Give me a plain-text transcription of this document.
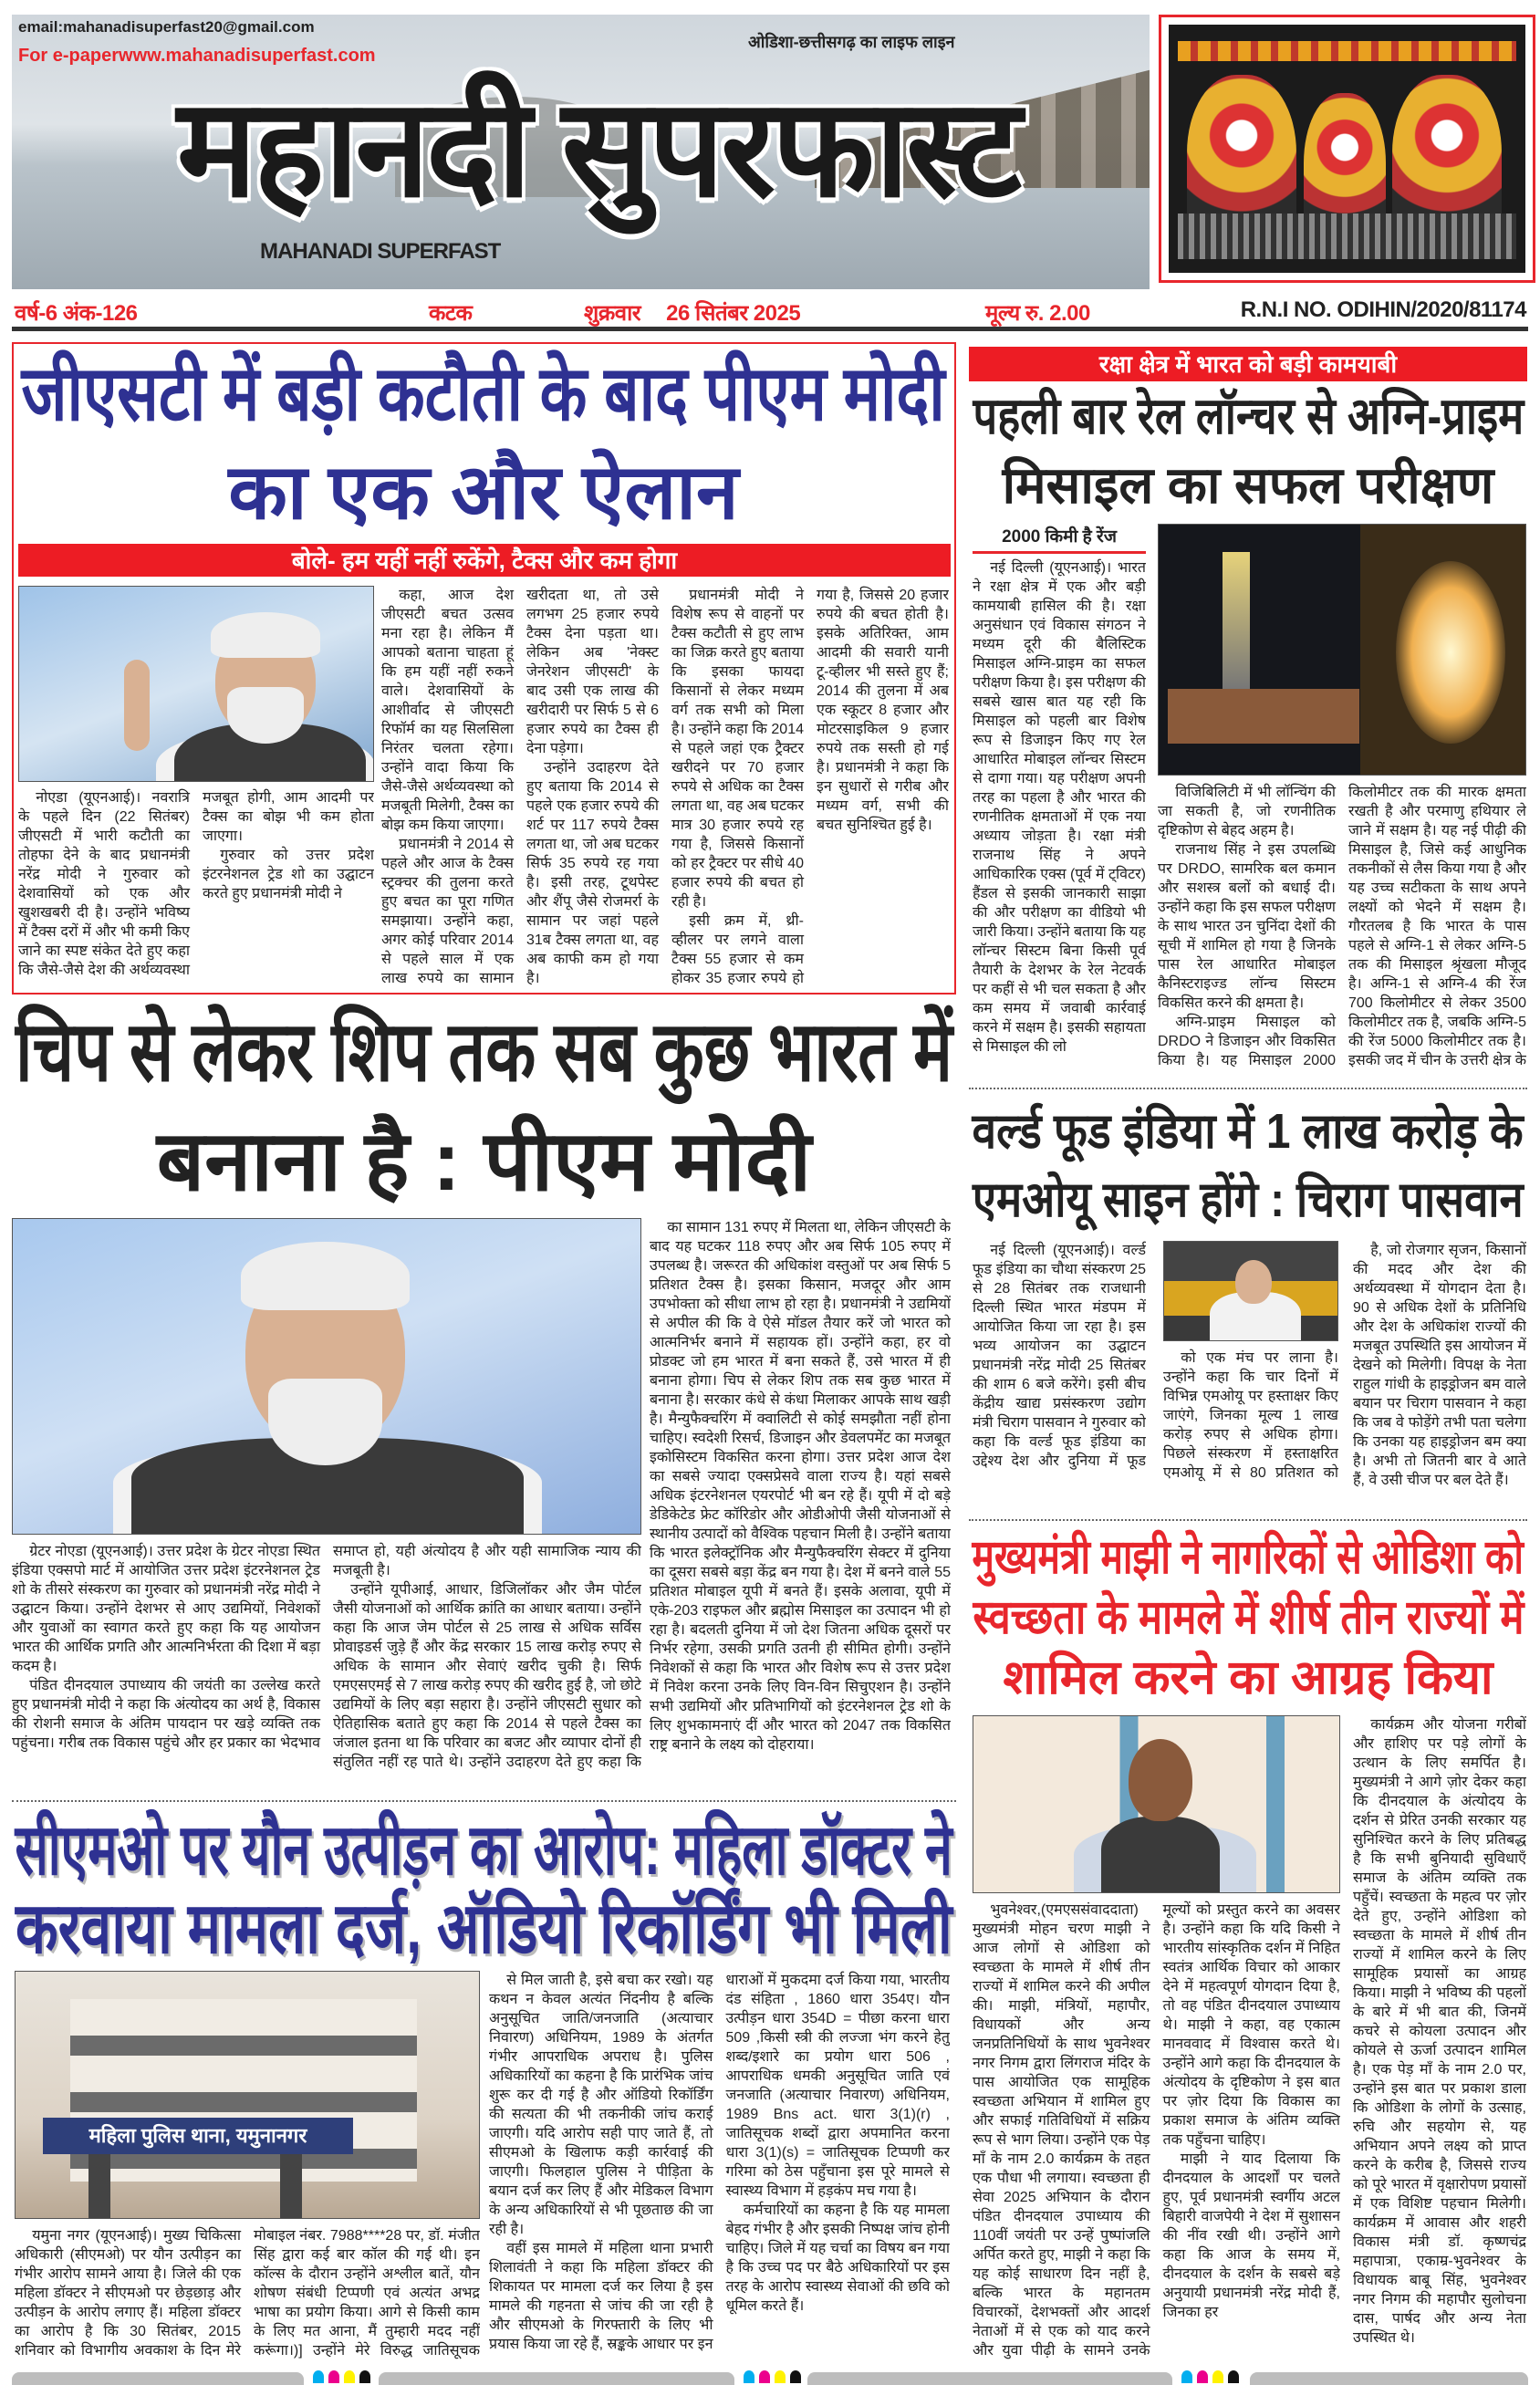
email:mahanadisuperfast20@gmail.com
For e-paperwww.mahanadisuperfast.com
ओडिशा-छत्तीसगढ़ का लाइफ लाइन
महानदी सुपरफास्ट
MAHANADI SUPERFAST
वर्ष-6 अंक-126	कटक	शुक्रवार 26 सितंबर 2025	मूल्य रु. 2.00	R.N.I NO. ODIHIN/2020/81174
जीएसटी में बड़ी कटौती के बाद पीएम मोदी
का एक और ऐलान
बोले- हम यहीं नहीं रुकेंगे, टैक्स और कम होगा

नोएडा (यूएनआई)। नवरात्रि के पहले दिन (22 सितंबर) जीएसटी में भारी कटौती का तोहफा देने के बाद प्रधानमंत्री नरेंद्र मोदी ने गुरुवार को देशवासियों को एक और खुशखबरी दी है। उन्होंने भविष्य में टैक्स दरों में और भी कमी किए जाने का स्पष्ट संकेत देते हुए कहा कि जैसे-जैसे देश की अर्थव्यवस्था मजबूत होगी, आम आदमी पर टैक्स का बोझ भी कम होता जाएगा।

गुरुवार को उत्तर प्रदेश इंटरनेशनल ट्रेड शो का उद्घाटन करते हुए प्रधानमंत्री मोदी ने

कहा, आज देश जीएसटी बचत उत्सव मना रहा है। लेकिन मैं आपको बताना चाहता हूं कि हम यहीं नहीं रुकने वाले। देशवासियों के आशीर्वाद से जीएसटी रिफॉर्म का यह सिलसिला निरंतर चलता रहेगा। उन्होंने वादा किया कि जैसे-जैसे अर्थव्यवस्था को मजबूती मिलेगी, टैक्स का बोझ कम किया जाएगा।

प्रधानमंत्री ने 2014 से पहले और आज के टैक्स स्ट्रक्चर की तुलना करते हुए बचत का पूरा गणित समझाया। उन्होंने कहा, अगर कोई परिवार 2014 से पहले साल में एक लाख रुपये का सामान खरीदता था, तो उसे लगभग 25 हजार रुपये टैक्स देना पड़ता था। लेकिन अब 'नेक्स्ट जेनरेशन जीएसटी' के बाद उसी एक लाख की खरीदारी पर सिर्फ 5 से 6 हजार रुपये का टैक्स ही देना पड़ेगा।

उन्होंने उदाहरण देते हुए बताया कि 2014 से पहले एक हजार रुपये की शर्ट पर 117 रुपये टैक्स लगता था, जो अब घटकर सिर्फ 35 रुपये रह गया है। इसी तरह, टूथपेस्ट और शैंपू जैसे रोजमर्रा के सामान पर जहां पहले 31ब टैक्स लगता था, वह अब काफी कम हो गया है।

प्रधानमंत्री मोदी ने विशेष रूप से वाहनों पर टैक्स कटौती से हुए लाभ का जिक्र करते हुए बताया कि इसका फायदा किसानों से लेकर मध्यम वर्ग तक सभी को मिला है। उन्होंने कहा कि 2014 से पहले जहां एक ट्रैक्टर खरीदने पर 70 हजार रुपये से अधिक का टैक्स लगता था, वह अब घटकर मात्र 30 हजार रुपये रह गया है, जिससे किसानों को हर ट्रैक्टर पर सीधे 40 हजार रुपये की बचत हो रही है।

इसी क्रम में, थ्री-व्हीलर पर लगने वाला टैक्स 55 हजार से कम होकर 35 हजार रुपये हो गया है, जिससे 20 हजार रुपये की बचत होती है। इसके अतिरिक्त, आम आदमी की सवारी यानी टू-व्हीलर भी सस्ते हुए हैं; 2014 की तुलना में अब एक स्कूटर 8 हजार और मोटरसाइकिल 9 हजार रुपये तक सस्ती हो गई है। प्रधानमंत्री ने कहा कि इन सुधारों से गरीब और मध्यम वर्ग, सभी की बचत सुनिश्चित हुई है।

चिप से लेकर शिप तक सब कुछ भारत में
बनाना है : पीएम मोदी

ग्रेटर नोएडा (यूएनआई)। उत्तर प्रदेश के ग्रेटर नोएडा स्थित इंडिया एक्सपो मार्ट में आयोजित उत्तर प्रदेश इंटरनेशनल ट्रेड शो के तीसरे संस्करण का गुरुवार को प्रधानमंत्री नरेंद्र मोदी ने उद्घाटन किया। उन्होंने देशभर से आए उद्यमियों, निवेशकों और युवाओं का स्वागत करते हुए कहा कि यह आयोजन भारत की आर्थिक प्रगति और आत्मनिर्भरता की दिशा में बड़ा कदम है।

पंडित दीनदयाल उपाध्याय की जयंती का उल्लेख करते हुए प्रधानमंत्री मोदी ने कहा कि अंत्योदय का अर्थ है, विकास की रोशनी समाज के अंतिम पायदान पर खड़े व्यक्ति तक पहुंचना। गरीब तक विकास पहुंचे और हर प्रकार का भेदभाव समाप्त हो, यही अंत्योदय है और यही सामाजिक न्याय की मजबूती है।

उन्होंने यूपीआई, आधार, डिजिलॉकर और जैम पोर्टल जैसी योजनाओं को आर्थिक क्रांति का आधार बताया। उन्होंने कहा कि आज जेम पोर्टल से 25 लाख से अधिक सर्विस प्रोवाइडर्स जुड़े हैं और केंद्र सरकार 15 लाख करोड़ रुपए से अधिक के सामान और सेवाएं खरीद चुकी है। सिर्फ एमएसएमई से 7 लाख करोड़ रुपए की खरीद हुई है, जो छोटे उद्यमियों के लिए बड़ा सहारा है। उन्होंने जीएसटी सुधार को ऐतिहासिक बताते हुए कहा कि 2014 से पहले टैक्स का जंजाल इतना था कि परिवार का बजट और व्यापार दोनों ही संतुलित नहीं रह पाते थे। उन्होंने उदाहरण देते हुए कहा कि

का सामान 131 रुपए में मिलता था, लेकिन जीएसटी के बाद यह घटकर 118 रुपए और अब सिर्फ 105 रुपए में उपलब्ध है। जरूरत की अधिकांश वस्तुओं पर अब सिर्फ 5 प्रतिशत टैक्स है। इसका किसान, मजदूर और आम उपभोक्ता को सीधा लाभ हो रहा है। प्रधानमंत्री ने उद्यमियों से अपील की कि वे ऐसे मॉडल तैयार करें जो भारत को आत्मनिर्भर बनाने में सहायक हों। उन्होंने कहा, हर वो प्रोडक्ट जो हम भारत में बना सकते हैं, उसे भारत में ही बनाना होगा। चिप से लेकर शिप तक सब कुछ भारत में बनाना है। सरकार कंधे से कंधा मिलाकर आपके साथ खड़ी है। मैन्युफैक्चरिंग में क्वालिटी से कोई समझौता नहीं होना चाहिए। स्वदेशी रिसर्च, डिजाइन और डेवलपमेंट का मजबूत इकोसिस्टम विकसित करना होगा। उत्तर प्रदेश आज देश का सबसे ज्यादा एक्सप्रेसवे वाला राज्य है। यहां सबसे अधिक इंटरनेशनल एयरपोर्ट भी बन रहे हैं। यूपी में दो बड़े डेडिकेटेड फ्रेट कॉरिडोर और ओडीओपी जैसी योजनाओं से स्थानीय उत्पादों को वैश्विक पहचान मिली है। उन्होंने बताया कि भारत इलेक्ट्रॉनिक और मैन्युफैक्चरिंग सेक्टर में दुनिया का दूसरा सबसे बड़ा केंद्र बन गया है। देश में बनने वाले 55 प्रतिशत मोबाइल यूपी में बनते हैं। इसके अलावा, यूपी में एके-203 राइफल और ब्रह्मोस मिसाइल का उत्पादन भी हो रहा है। बदलती दुनिया में जो देश जितना अधिक दूसरों पर निर्भर रहेगा, उसकी प्रगति उतनी ही सीमित होगी। उन्होंने निवेशकों से कहा कि भारत और विशेष रूप से उत्तर प्रदेश में निवेश करना उनके लिए विन-विन सिचुएशन है। उन्होंने सभी उद्यमियों और प्रतिभागियों को इंटरनेशनल ट्रेड शो के लिए शुभकामनाएं दीं और भारत को 2047 तक विकसित राष्ट्र बनाने के लक्ष्य को दोहराया।

सीएमओ पर यौन उत्पीड़न का आरोप: महिला डॉक्टर ने
करवाया मामला दर्ज, ऑडियो रिकॉर्डिंग भी मिली
महिला पुलिस थाना, यमुनानगर

यमुना नगर (यूएनआई)। मुख्य चिकित्सा अधिकारी (सीएमओ) पर यौन उत्पीड़न का गंभीर आरोप सामने आया है। जिले की एक महिला डॉक्टर ने सीएमओ पर छेड़छाड़ और उत्पीड़न के आरोप लगाए हैं। महिला डॉक्टर का आरोप है कि 30 सितंबर, 2015 शनिवार को विभागीय अवकाश के दिन मेरे मोबाइल नंबर. 7988****28 पर, डॉ. मंजीत सिंह द्वारा कई बार कॉल की गई थी। इन कॉल्स के दौरान उन्होंने अश्लील बातें, यौन शोषण संबंधी टिप्पणी एवं अत्यंत अभद्र भाषा का प्रयोग किया। आगे से किसी काम के लिए मत आना, मैं तुम्हारी मदद नहीं करूंगा।)] उन्होंने मेरे विरुद्ध जातिसूचक

से मिल जाती है, इसे बचा कर रखो। यह कथन न केवल अत्यंत निंदनीय है बल्कि अनुसूचित जाति/जनजाति (अत्याचार निवारण) अधिनियम, 1989 के अंतर्गत गंभीर आपराधिक अपराध है। पुलिस अधिकारियों का कहना है कि प्रारंभिक जांच शुरू कर दी गई है और ऑडियो रिकॉर्डिंग की सत्यता की भी तकनीकी जांच कराई जाएगी। यदि आरोप सही पाए जाते हैं, तो सीएमओ के खिलाफ कड़ी कार्रवाई की जाएगी। फिलहाल पुलिस ने पीड़िता के बयान दर्ज कर लिए हैं और मेडिकल विभाग के अन्य अधिकारियों से भी पूछताछ की जा रही है।

वहीं इस मामले में महिला थाना प्रभारी शिलावंती ने कहा कि महिला डॉक्टर की शिकायत पर मामला दर्ज कर लिया है इस मामले की गहनता से जांच की जा रही है और सीएमओ के गिरफ्तारी के लिए भी प्रयास किया जा रहे हैं, स्रङ्कके आधार पर इन धाराओं में मुकदमा दर्ज किया गया, भारतीय दंड संहिता , 1860 धारा 354ए। यौन उत्पीड़न धारा 354D = पीछा करना धारा 509 ,किसी स्त्री की लज्जा भंग करने हेतु शब्द/इशारे का प्रयोग धारा 506 , आपराधिक धमकी अनुसूचित जाति एवं जनजाति (अत्याचार निवारण) अधिनियम, 1989 Bns act. धारा 3(1)(r) , जातिसूचक शब्दों द्वारा अपमानित करना धारा 3(1)(s) = जातिसूचक टिप्पणी कर गरिमा को ठेस पहुँचाना इस पूरे मामले से स्वास्थ्य विभाग में हड़कंप मच गया है।

कर्मचारियों का कहना है कि यह मामला बेहद गंभीर है और इसकी निष्पक्ष जांच होनी चाहिए। जिले में यह चर्चा का विषय बन गया है कि उच्च पद पर बैठे अधिकारियों पर इस तरह के आरोप स्वास्थ्य सेवाओं की छवि को धूमिल करते हैं।

रक्षा क्षेत्र में भारत को बड़ी कामयाबी
पहली बार रेल लॉन्चर से अग्नि-प्राइम
मिसाइल का सफल परीक्षण
2000 किमी है रेंज

नई दिल्ली (यूएनआई)। भारत ने रक्षा क्षेत्र में एक और बड़ी कामयाबी हासिल की है। रक्षा अनुसंधान एवं विकास संगठन ने मध्यम दूरी की बैलिस्टिक मिसाइल अग्नि-प्राइम का सफल परीक्षण किया है। इस परीक्षण की सबसे खास बात यह रही कि मिसाइल को पहली बार विशेष रूप से डिजाइन किए गए रेल आधारित मोबाइल लॉन्चर सिस्टम से दागा गया। यह परीक्षण अपनी तरह का पहला है और भारत की रणनीतिक क्षमताओं में एक नया अध्याय जोड़ता है। रक्षा मंत्री राजनाथ सिंह ने अपने आधिकारिक एक्स (पूर्व में ट्विटर) हैंडल से इसकी जानकारी साझा की और परीक्षण का वीडियो भी जारी किया। उन्होंने बताया कि यह लॉन्चर सिस्टम बिना किसी पूर्व तैयारी के देशभर के रेल नेटवर्क पर कहीं से भी चल सकता है और कम समय में जवाबी कार्रवाई करने में सक्षम है। इसकी सहायता से मिसाइल की लो

विजिबिलिटी में भी लॉन्चिंग की जा सकती है, जो रणनीतिक दृष्टिकोण से बेहद अहम है।

राजनाथ सिंह ने इस उपलब्धि पर DRDO, सामरिक बल कमान और सशस्त्र बलों को बधाई दी। उन्होंने कहा कि इस सफल परीक्षण के साथ भारत उन चुनिंदा देशों की सूची में शामिल हो गया है जिनके पास रेल आधारित मोबाइल कैनिस्टराइज्ड लॉन्च सिस्टम विकसित करने की क्षमता है।

अग्नि-प्राइम मिसाइल को DRDO ने डिजाइन और विकसित किया है। यह मिसाइल 2000 किलोमीटर तक की मारक क्षमता रखती है और परमाणु हथियार ले जाने में सक्षम है। यह नई पीढ़ी की मिसाइल है, जिसे कई आधुनिक तकनीकों से लैस किया गया है और यह उच्च सटीकता के साथ अपने लक्ष्यों को भेदने में सक्षम है। गौरतलब है कि भारत के पास पहले से अग्नि-1 से लेकर अग्नि-5 तक की मिसाइल श्रृंखला मौजूद है। अग्नि-1 से अग्नि-4 की रेंज 700 किलोमीटर से लेकर 3500 किलोमीटर तक है, जबकि अग्नि-5 की रेंज 5000 किलोमीटर तक है। इसकी जद में चीन के उत्तरी क्षेत्र के

वर्ल्ड फूड इंडिया में 1 लाख करोड़ के
एमओयू साइन होंगे : चिराग पासवान

नई दिल्ली (यूएनआई)। वर्ल्ड फूड इंडिया का चौथा संस्करण 25 से 28 सितंबर तक राजधानी दिल्ली स्थित भारत मंडपम में आयोजित किया जा रहा है। इस भव्य आयोजन का उद्घाटन प्रधानमंत्री नरेंद्र मोदी 25 सितंबर की शाम 6 बजे करेंगे। इसी बीच केंद्रीय खाद्य प्रसंस्करण उद्योग मंत्री चिराग पासवान ने गुरुवार को कहा कि वर्ल्ड फूड इंडिया का उद्देश्य देश और दुनिया में फूड

को एक मंच पर लाना है। उन्होंने कहा कि चार दिनों में विभिन्न एमओयू पर हस्ताक्षर किए जाएंगे, जिनका मूल्य 1 लाख करोड़ रुपए से अधिक होगा। पिछले संस्करण में हस्ताक्षरित एमओयू में से 80 प्रतिशत को

है, जो रोजगार सृजन, किसानों की मदद और देश की अर्थव्यवस्था में योगदान देता है। 90 से अधिक देशों के प्रतिनिधि और देश के अधिकांश राज्यों की मजबूत उपस्थिति इस आयोजन में देखने को मिलेगी। विपक्ष के नेता राहुल गांधी के हाइड्रोजन बम वाले बयान पर चिराग पासवान ने कहा कि जब वे फोड़ेंगे तभी पता चलेगा कि उनका यह हाइड्रोजन बम क्या है। अभी तो जितनी बार वे आते हैं, वे उसी चीज पर बल देते हैं।

मुख्यमंत्री माझी ने नागरिकों से ओडिशा को
स्वच्छता के मामले में शीर्ष तीन राज्यों में
शामिल करने का आग्रह किया

भुवनेश्वर,(एमएससंवाददाता) मुख्यमंत्री मोहन चरण माझी ने आज लोगों से ओडिशा को स्वच्छता के मामले में शीर्ष तीन राज्यों में शामिल करने की अपील की। माझी, मंत्रियों, महापौर, विधायकों और अन्य जनप्रतिनिधियों के साथ भुवनेश्वर नगर निगम द्वारा लिंगराज मंदिर के पास आयोजित एक सामूहिक स्वच्छता अभियान में शामिल हुए और सफाई गतिविधियों में सक्रिय रूप से भाग लिया। उन्होंने एक पेड़ माँ के नाम 2.0 कार्यक्रम के तहत एक पौधा भी लगाया। स्वच्छता ही सेवा 2025 अभियान के दौरान पंडित दीनदयाल उपाध्याय की 110वीं जयंती पर उन्हें पुष्पांजलि अर्पित करते हुए, माझी ने कहा कि यह कोई साधारण दिन नहीं है, बल्कि भारत के महानतम विचारकों, देशभक्तों और आदर्श नेताओं में से एक को याद करने और युवा पीढ़ी के सामने उनके मूल्यों को प्रस्तुत करने का अवसर है। उन्होंने कहा कि यदि किसी ने भारतीय सांस्कृतिक दर्शन में निहित स्वतंत्र आर्थिक विचार को आकार देने में महत्वपूर्ण योगदान दिया है, तो वह पंडित दीनदयाल उपाध्याय थे। माझी ने कहा, वह एकात्म मानववाद में विश्वास करते थे। उन्होंने आगे कहा कि दीनदयाल के अंत्योदय के दृष्टिकोण ने इस बात पर ज़ोर दिया कि विकास का प्रकाश समाज के अंतिम व्यक्ति तक पहुँचना चाहिए।

माझी ने याद दिलाया कि दीनदयाल के आदर्शों पर चलते हुए, पूर्व प्रधानमंत्री स्वर्गीय अटल बिहारी वाजपेयी ने देश में सुशासन की नींव रखी थी। उन्होंने आगे कहा कि आज के समय में, दीनदयाल के दर्शन के सबसे बड़े अनुयायी प्रधानमंत्री नरेंद्र मोदी हैं, जिनका हर

कार्यक्रम और योजना गरीबों और हाशिए पर पड़े लोगों के उत्थान के लिए समर्पित है। मुख्यमंत्री ने आगे ज़ोर देकर कहा कि दीनदयाल के अंत्योदय के दर्शन से प्रेरित उनकी सरकार यह सुनिश्चित करने के लिए प्रतिबद्ध है कि सभी बुनियादी सुविधाएँ समाज के अंतिम व्यक्ति तक पहुँचें। स्वच्छता के महत्व पर ज़ोर देते हुए, उन्होंने ओडिशा को स्वच्छता के मामले में शीर्ष तीन राज्यों में शामिल करने के लिए सामूहिक प्रयासों का आग्रह किया। माझी ने भविष्य की पहलों के बारे में भी बात की, जिनमें कचरे से कोयला उत्पादन और कोयले से ऊर्जा उत्पादन शामिल है। एक पेड़ माँ के नाम 2.0 पर, उन्होंने इस बात पर प्रकाश डाला कि ओडिशा के लोगों के उत्साह, रुचि और सहयोग से, यह अभियान अपने लक्ष्य को प्राप्त करने के करीब है, जिससे राज्य को पूरे भारत में वृक्षारोपण प्रयासों में एक विशिष्ट पहचान मिलेगी। कार्यक्रम में आवास और शहरी विकास मंत्री डॉ. कृष्णचंद्र महापात्रा, एकाम्र-भुवनेश्वर के विधायक बाबू सिंह, भुवनेश्वर नगर निगम की महापौर सुलोचना दास, पार्षद और अन्य नेता उपस्थित थे।
